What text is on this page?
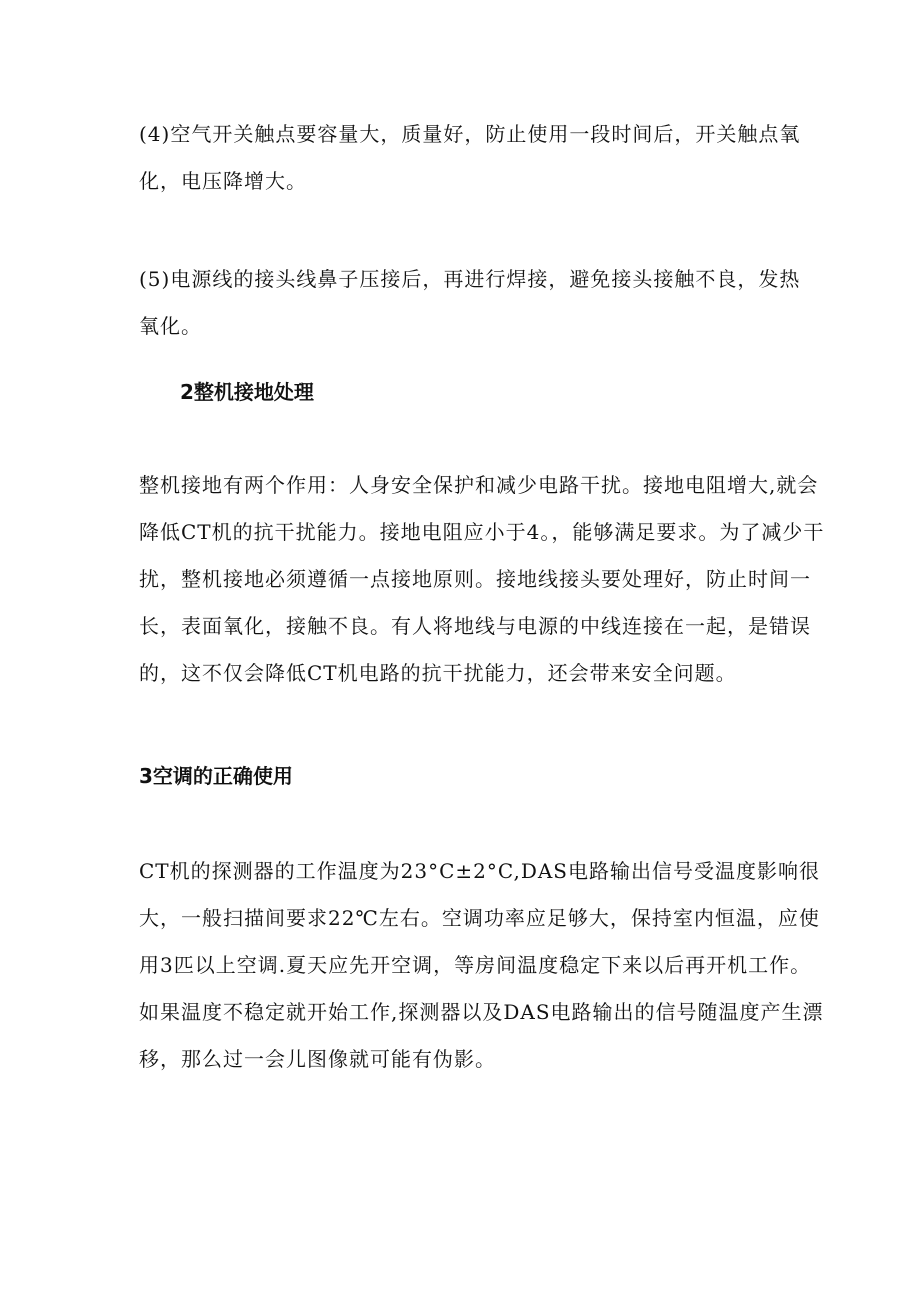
(4)空气开关触点要容量大，质量好，防止使用一段时间后，开关触点氧
化，电压降增大。
(5)电源线的接头线鼻子压接后，再进行焊接，避免接头接触不良，发热
氧化。
2整机接地处理
整机接地有两个作用：人身安全保护和减少电路干扰。接地电阻增大,就会
降低CT机的抗干扰能力。接地电阻应小于4。，能够满足要求。为了减少干
扰，整机接地必须遵循一点接地原则。接地线接头要处理好，防止时间一
长，表面氧化，接触不良。有人将地线与电源的中线连接在一起，是错误
的，这不仅会降低CT机电路的抗干扰能力，还会带来安全问题。
3空调的正确使用
CT机的探测器的工作温度为23°C±2°C,DAS电路输出信号受温度影响很
大，一般扫描间要求22℃左右。空调功率应足够大，保持室内恒温，应使
用3匹以上空调.夏天应先开空调，等房间温度稳定下来以后再开机工作。
如果温度不稳定就开始工作,探测器以及DAS电路输出的信号随温度产生漂
移，那么过一会儿图像就可能有伪影。
